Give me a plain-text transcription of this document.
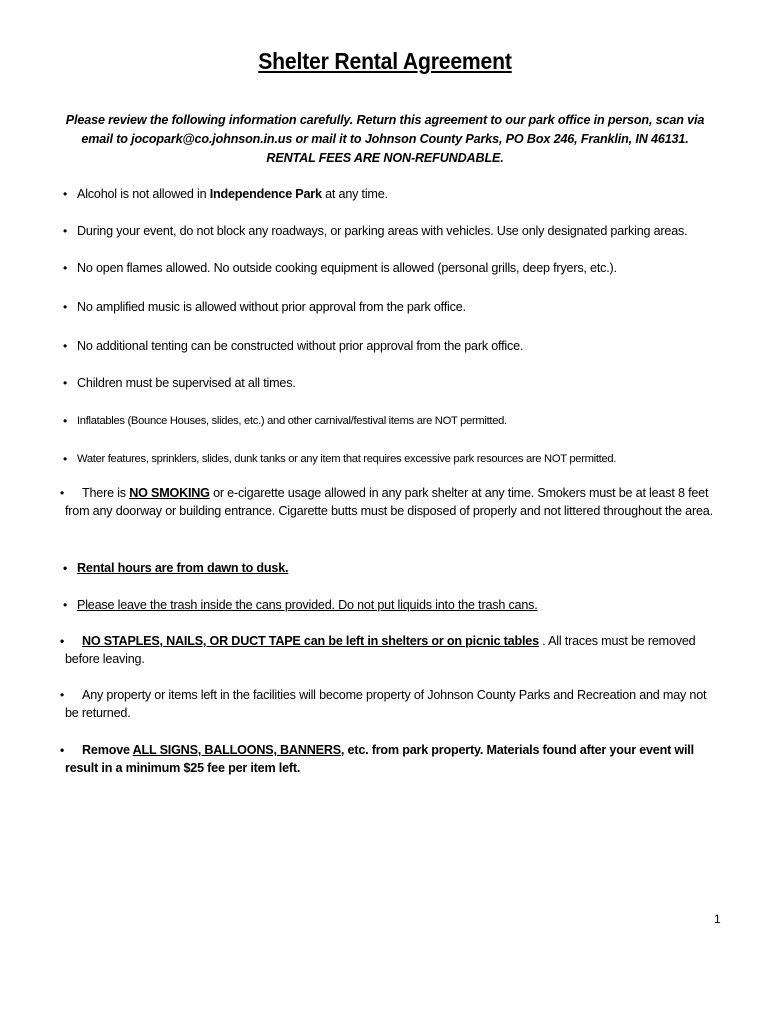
Shelter Rental Agreement
Please review the following information carefully. Return this agreement to our park office in person, scan via
email to jocopark@co.johnson.in.us or mail it to Johnson County Parks, PO Box 246, Franklin, IN 46131.
RENTAL FEES ARE NON-REFUNDABLE.
• Alcohol is not allowed in Independence Park at any time.
• During your event, do not block any roadways, or parking areas with vehicles. Use only designated parking areas.
• No open flames allowed. No outside cooking equipment is allowed (personal grills, deep fryers, etc.).
• No amplified music is allowed without prior approval from the park office.
• No additional tenting can be constructed without prior approval from the park office.
• Children must be supervised at all times.
• Inflatables (Bounce Houses, slides, etc.) and other carnival/festival items are NOT permitted.
• Water features, sprinklers, slides, dunk tanks or any item that requires excessive park resources are NOT permitted.
•	There is NO SMOKING or e-cigarette usage allowed in any park shelter at any time. Smokers must be at least 8 feet from any doorway or building entrance. Cigarette butts must be disposed of properly and not littered throughout the area.
• Rental hours are from dawn to dusk.
• Please leave the trash inside the cans provided. Do not put liquids into the trash cans.
•	NO STAPLES, NAILS, OR DUCT TAPE can be left in shelters or on picnic tables . All traces must be removed before leaving.
•	Any property or items left in the facilities will become property of Johnson County Parks and Recreation and may not be returned.
•	Remove ALL SIGNS, BALLOONS, BANNERS, etc. from park property. Materials found after your event will result in a minimum $25 fee per item left.
1
